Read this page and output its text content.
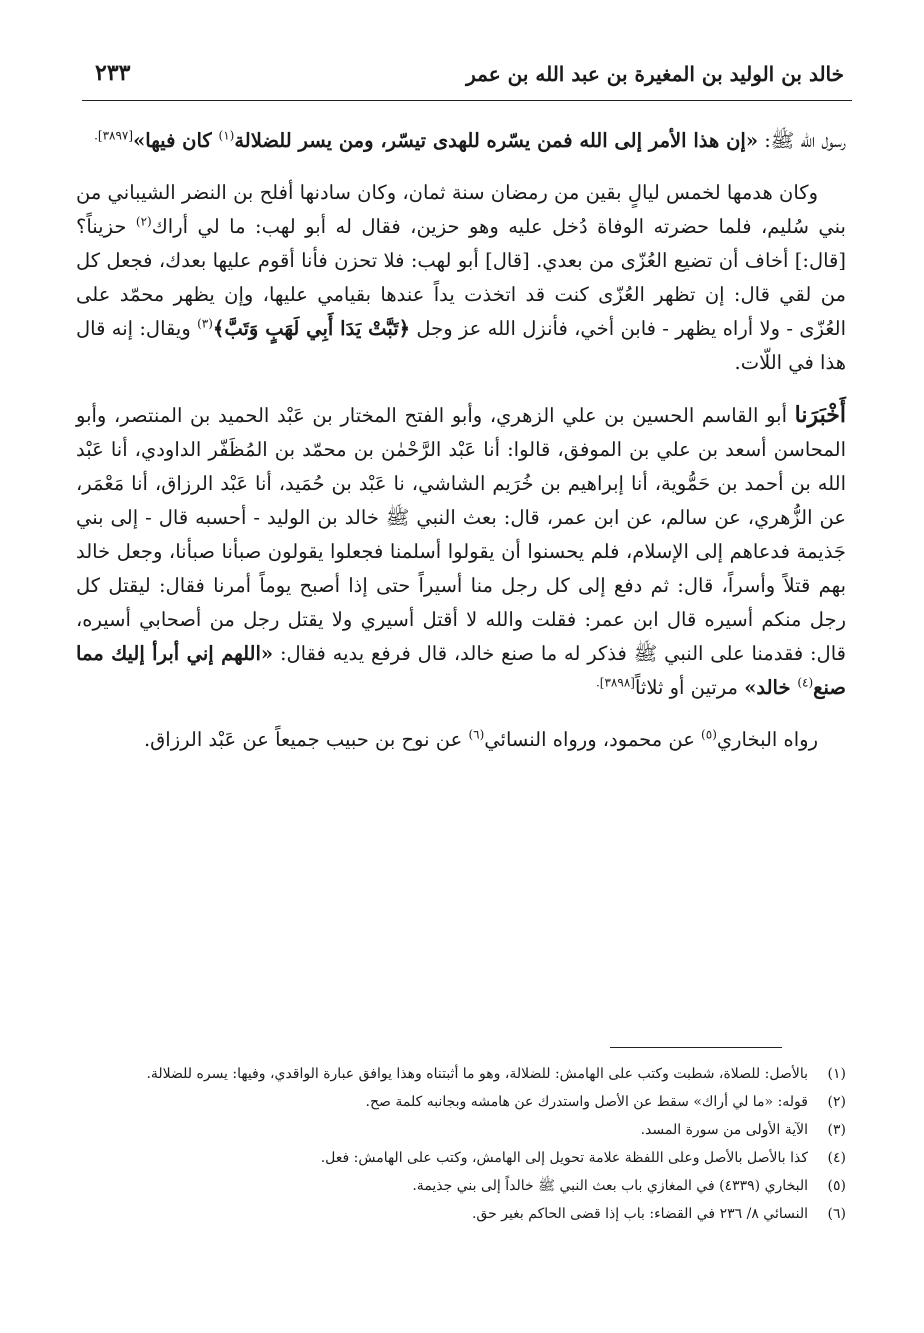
خالد بن الوليد بن المغيرة بن عبد الله بن عمر
٢٣٣

رسول الله ﷺ: «إن هذا الأمر إلى الله فمن يسّره للهدى تيسّر، ومن يسر للضلالة$^{(١)}$ كان فيها»$^{[٣٨٩٧].}$

وكان هدمها لخمس ليالٍ بقين من رمضان سنة ثمان، وكان سادنها أفلح بن النضر الشيباني من بني سُليم، فلما حضرته الوفاة دُخل عليه وهو حزين، فقال له أبو لهب: ما لي أراك$^{(٢)}$ حزيناً؟ [قال:] أخاف أن تضيع العُزّى من بعدي. [قال] أبو لهب: فلا تحزن فأنا أقوم عليها بعدك، فجعل كل من لقي قال: إن تظهر العُزّى كنت قد اتخذت يداً عندها بقيامي عليها، وإن يظهر محمّد على العُزّى - ولا أراه يظهر - فابن أخي، فأنزل الله عز وجل ﴿تَبَّتْ يَدَا أَبِي لَهَبٍ وَتَبَّ﴾$^{(٣)}$ ويقال: إنه قال هذا في اللّات.

أَخْبَرَنا أبو القاسم الحسين بن علي الزهري، وأبو الفتح المختار بن عَبْد الحميد بن المنتصر، وأبو المحاسن أسعد بن علي بن الموفق، قالوا: أنا عَبْد الرَّحْمٰن بن محمّد بن المُظَفّر الداودي، أنا عَبْد الله بن أحمد بن حَمُّوية، أنا إبراهيم بن خُرَيم الشاشي، نا عَبْد بن حُمَيد، أنا عَبْد الرزاق، أنا مَعْمَر، عن الزُّهري، عن سالم، عن ابن عمر، قال: بعث النبي ﷺ خالد بن الوليد - أحسبه قال - إلى بني جَذيمة فدعاهم إلى الإسلام، فلم يحسنوا أن يقولوا أسلمنا فجعلوا يقولون صبأنا صبأنا، وجعل خالد بهم قتلاً وأسراً، قال: ثم دفع إلى كل رجل منا أسيراً حتى إذا أصبح يوماً أمرنا فقال: ليقتل كل رجل منكم أسيره قال ابن عمر: فقلت والله لا أقتل أسيري ولا يقتل رجل من أصحابي أسيره، قال: فقدمنا على النبي ﷺ فذكر له ما صنع خالد، قال فرفع يديه فقال: «اللهم إني أبرأ إليك مما صنع$^{(٤)}$ خالد» مرتين أو ثلاثاً$^{[٣٨٩٨].}$

رواه البخاري$^{(٥)}$ عن محمود، ورواه النسائي$^{(٦)}$ عن نوح بن حبيب جميعاً عن عَبْد الرزاق.

(١)
بالأصل: للصلاة، شطبت وكتب على الهامش: للضلالة، وهو ما أثبتناه وهذا يوافق عبارة الواقدي، وفيها: يسره للضلالة.
(٢)
قوله: «ما لي أراك» سقط عن الأصل واستدرك عن هامشه وبجانبه كلمة صح.
(٣)
الآية الأولى من سورة المسد.
(٤)
كذا بالأصل بالأصل وعلى اللفظة علامة تحويل إلى الهامش، وكتب على الهامش: فعل.
(٥)
البخاري (٤٣٣٩) في المغازي باب بعث النبي ﷺ خالداً إلى بني جذيمة.
(٦)
النسائي ٨/ ٢٣٦ في القضاء: باب إذا قضى الحاكم بغير حق.
